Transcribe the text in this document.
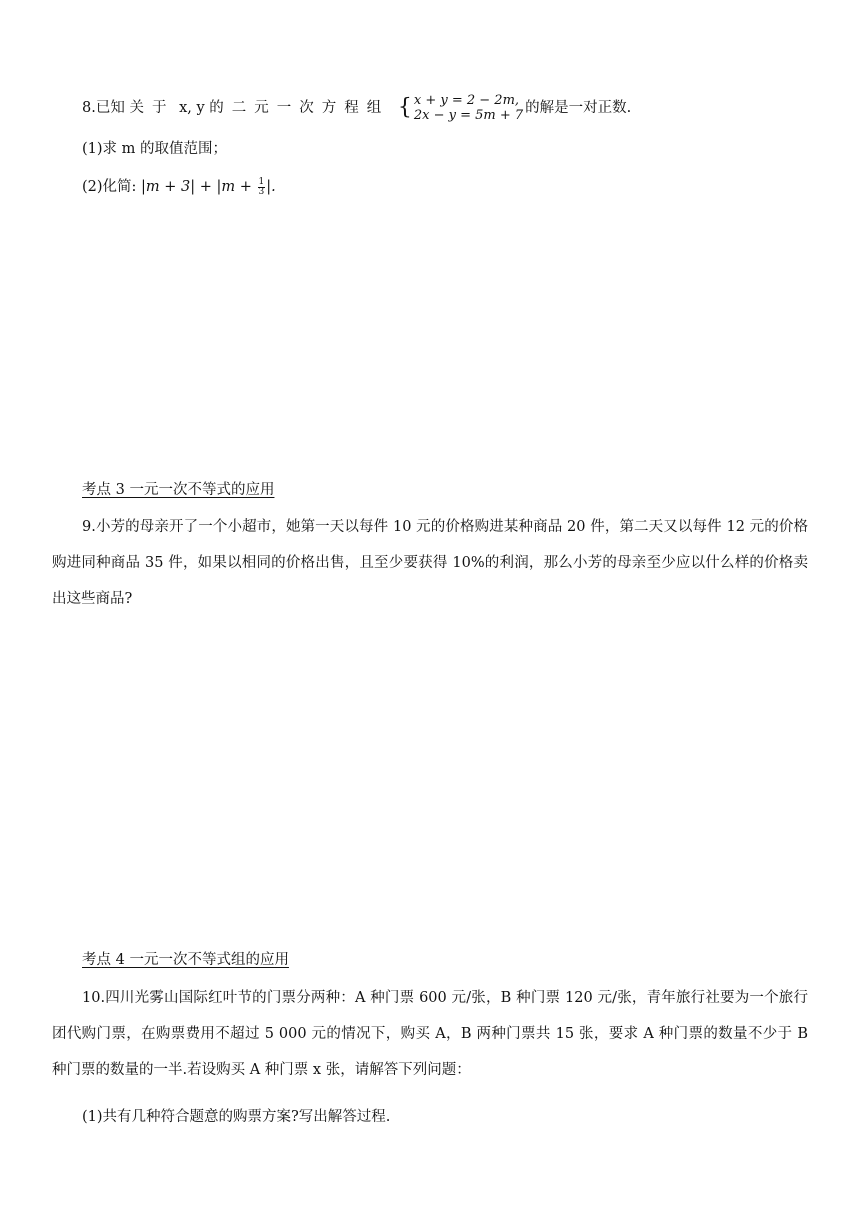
8.已知 关于 x, y 的二元一次方程组 { x + y = 2 − 2m,
2x − y = 5m + 7 的解是一对正数.
(1)求 m 的取值范围；
(2)化简: $|m + 3| + |m + \frac{1}{3}$ |.
考点 3 一元一次不等式的应用
9.小芳的母亲开了一个小超市，她第一天以每件 10 元的价格购进某种商品 20 件，第二天又以每件 12 元的价格购进同种商品 35 件，如果以相同的价格出售，且至少要获得 10%的利润，那么小芳的母亲至少应以什么样的价格卖出这些商品?
考点 4 一元一次不等式组的应用
10.四川光雾山国际红叶节的门票分两种：A 种门票 600 元/张，B 种门票 120 元/张，青年旅行社要为一个旅行团代购门票，在购票费用不超过 5 000 元的情况下，购买 A，B 两种门票共 15 张，要求 A 种门票的数量不少于 B 种门票的数量的一半.若设购买 A 种门票 x 张，请解答下列问题：
(1)共有几种符合题意的购票方案?写出解答过程.
